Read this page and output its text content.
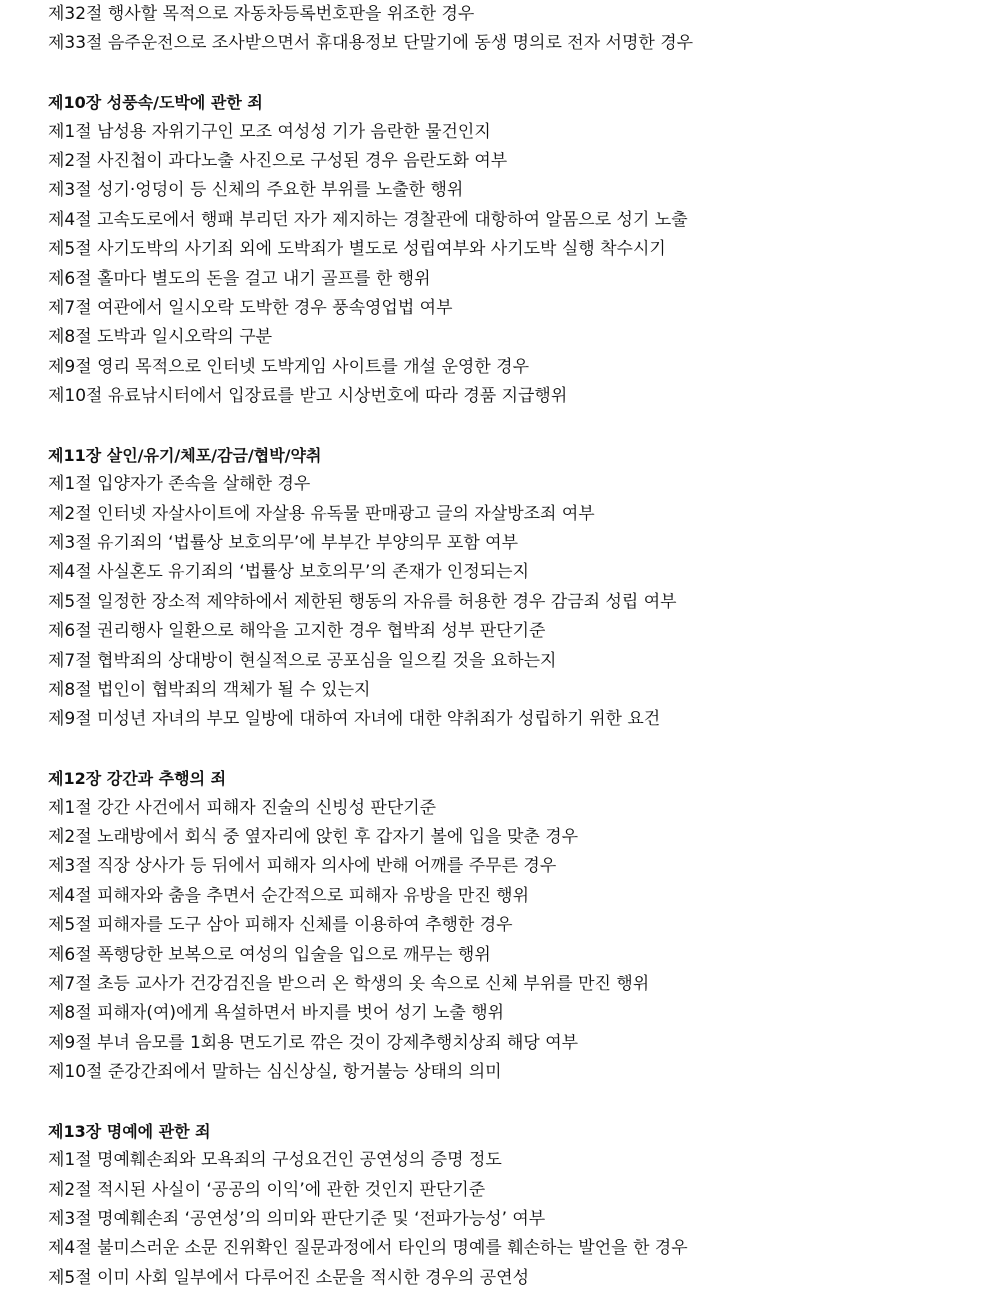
제32절 행사할 목적으로 자동차등록번호판을 위조한 경우
제33절 음주운전으로 조사받으면서 휴대용정보 단말기에 동생 명의로 전자 서명한 경우
제10장 성풍속/도박에 관한 죄
제1절 남성용 자위기구인 모조 여성성 기가 음란한 물건인지
제2절 사진첩이 과다노출 사진으로 구성된 경우 음란도화 여부
제3절 성기·엉덩이 등 신체의 주요한 부위를 노출한 행위
제4절 고속도로에서 행패 부리던 자가 제지하는 경찰관에 대항하여 알몸으로 성기 노출
제5절 사기도박의 사기죄 외에 도박죄가 별도로 성립여부와 사기도박 실행 착수시기
제6절 홀마다 별도의 돈을 걸고 내기 골프를 한 행위
제7절 여관에서 일시오락 도박한 경우 풍속영업법 여부
제8절 도박과 일시오락의 구분
제9절 영리 목적으로 인터넷 도박게임 사이트를 개설 운영한 경우
제10절 유료낚시터에서 입장료를 받고 시상번호에 따라 경품 지급행위
제11장 살인/유기/체포/감금/협박/약취
제1절 입양자가 존속을 살해한 경우
제2절 인터넷 자살사이트에 자살용 유독물 판매광고 글의 자살방조죄 여부
제3절 유기죄의 ‘법률상 보호의무’에 부부간 부양의무 포함 여부
제4절 사실혼도 유기죄의 ‘법률상 보호의무’의 존재가 인정되는지
제5절 일정한 장소적 제약하에서 제한된 행동의 자유를 허용한 경우 감금죄 성립 여부
제6절 권리행사 일환으로 해악을 고지한 경우 협박죄 성부 판단기준
제7절 협박죄의 상대방이 현실적으로 공포심을 일으킬 것을 요하는지
제8절 법인이 협박죄의 객체가 될 수 있는지
제9절 미성년 자녀의 부모 일방에 대하여 자녀에 대한 약취죄가 성립하기 위한 요건
제12장 강간과 추행의 죄
제1절 강간 사건에서 피해자 진술의 신빙성 판단기준
제2절 노래방에서 회식 중 옆자리에 앉힌 후 갑자기 볼에 입을 맞춘 경우
제3절 직장 상사가 등 뒤에서 피해자 의사에 반해 어깨를 주무른 경우
제4절 피해자와 춤을 추면서 순간적으로 피해자 유방을 만진 행위
제5절 피해자를 도구 삼아 피해자 신체를 이용하여 추행한 경우
제6절 폭행당한 보복으로 여성의 입술을 입으로 깨무는 행위
제7절 초등 교사가 건강검진을 받으러 온 학생의 옷 속으로 신체 부위를 만진 행위
제8절 피해자(여)에게 욕설하면서 바지를 벗어 성기 노출 행위
제9절 부녀 음모를 1회용 면도기로 깎은 것이 강제추행치상죄 해당 여부
제10절 준강간죄에서 말하는 심신상실, 항거불능 상태의 의미
제13장 명예에 관한 죄
제1절 명예훼손죄와 모욕죄의 구성요건인 공연성의 증명 정도
제2절 적시된 사실이 ‘공공의 이익’에 관한 것인지 판단기준
제3절 명예훼손죄 ‘공연성’의 의미와 판단기준 및 ‘전파가능성’ 여부
제4절 불미스러운 소문 진위확인 질문과정에서 타인의 명예를 훼손하는 발언을 한 경우
제5절 이미 사회 일부에서 다루어진 소문을 적시한 경우의 공연성
